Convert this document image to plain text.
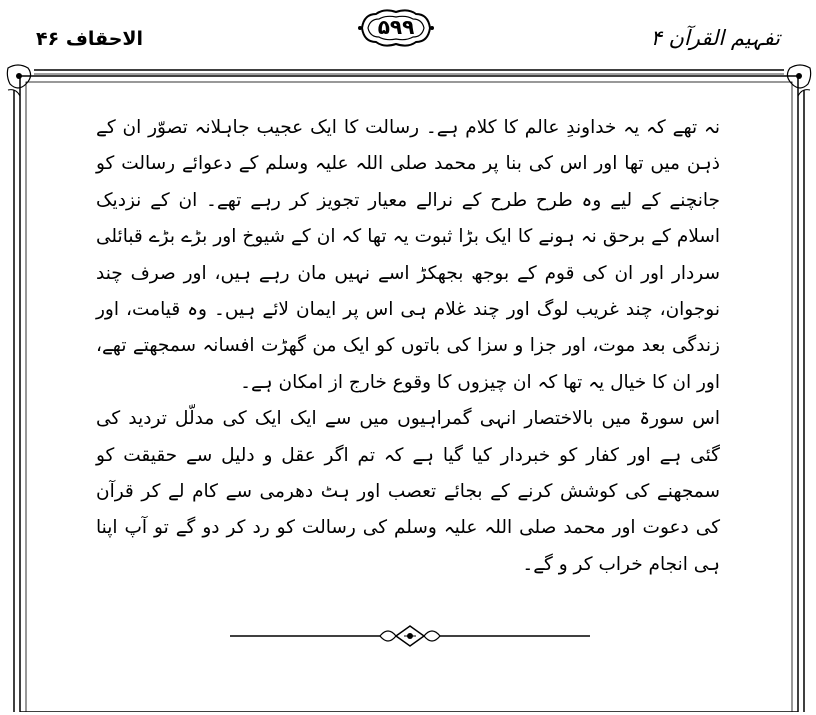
الاحقاف ۴۶	۵۹۹	تفہیم القرآن ۴

نہ تھے کہ یہ خداوندِ عالم کا کلام ہے۔ رسالت کا ایک عجیب جاہلانہ تصوّر ان کے ذہن میں تھا اور اس کی بنا پر محمد صلی اللہ علیہ وسلم کے دعوائے رسالت کو جانچنے کے لیے وہ طرح طرح کے نرالے معیار تجویز کر رہے تھے۔ ان کے نزدیک اسلام کے برحق نہ ہونے کا ایک بڑا ثبوت یہ تھا کہ ان کے شیوخ اور بڑے بڑے قبائلی سردار اور ان کی قوم کے بوجھ بجھکڑ اسے نہیں مان رہے ہیں، اور صرف چند نوجوان، چند غریب لوگ اور چند غلام ہی اس پر ایمان لائے ہیں۔ وہ قیامت، اور زندگی بعد موت، اور جزا و سزا کی باتوں کو ایک من گھڑت افسانہ سمجھتے تھے، اور ان کا خیال یہ تھا کہ ان چیزوں کا وقوع خارج از امکان ہے۔

اس سورۃ میں بالاختصار انہی گمراہیوں میں سے ایک ایک کی مدلّل تردید کی گئی ہے اور کفار کو خبردار کیا گیا ہے کہ تم اگر عقل و دلیل سے حقیقت کو سمجھنے کی کوشش کرنے کے بجائے تعصب اور ہٹ دھرمی سے کام لے کر قرآن کی دعوت اور محمد صلی اللہ علیہ وسلم کی رسالت کو رد کر دو گے تو آپ اپنا ہی انجام خراب کر و گے۔
